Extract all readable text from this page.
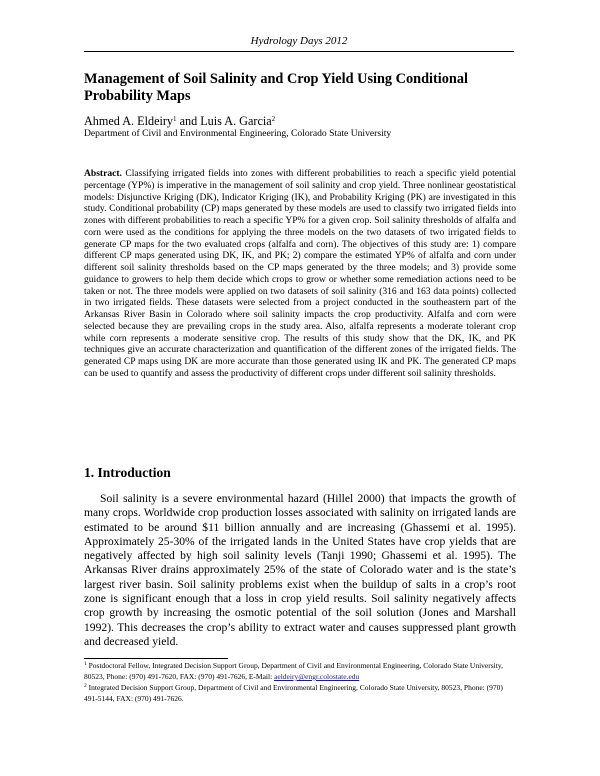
Hydrology Days 2012
Management of Soil Salinity and Crop Yield Using Conditional Probability Maps
Ahmed A. Eldeiry$^1$ and Luis A. Garcia$^2$
Department of Civil and Environmental Engineering, Colorado State University

Abstract. Classifying irrigated fields into zones with different probabilities to reach a specific yield potential percentage (YP%) is imperative in the management of soil salinity and crop yield. Three nonlinear geostatistical models: Disjunctive Kriging (DK), Indicator Kriging (IK), and Probability Kriging (PK) are investigated in this study. Conditional probability (CP) maps generated by these models are used to classify two irrigated fields into zones with different probabilities to reach a specific YP% for a given crop. Soil salinity thresholds of alfalfa and corn were used as the conditions for applying the three models on the two datasets of two irrigated fields to generate CP maps for the two evaluated crops (alfalfa and corn). The objectives of this study are: 1) compare different CP maps generated using DK, IK, and PK; 2) compare the estimated YP% of alfalfa and corn under different soil salinity thresholds based on the CP maps generated by the three models; and 3) provide some guidance to growers to help them decide which crops to grow or whether some remediation actions need to be taken or not. The three models were applied on two datasets of soil salinity (316 and 163 data points) collected in two irrigated fields. These datasets were selected from a project conducted in the southeastern part of the Arkansas River Basin in Colorado where soil salinity impacts the crop productivity. Alfalfa and corn were selected because they are prevailing crops in the study area. Also, alfalfa represents a moderate tolerant crop while corn represents a moderate sensitive crop. The results of this study show that the DK, IK, and PK techniques give an accurate characterization and quantification of the different zones of the irrigated fields. The generated CP maps using DK are more accurate than those generated using IK and PK. The generated CP maps can be used to quantify and assess the productivity of different crops under different soil salinity thresholds.

1. Introduction

Soil salinity is a severe environmental hazard (Hillel 2000) that impacts the growth of many crops. Worldwide crop production losses associated with salinity on irrigated lands are estimated to be around $11 billion annually and are increasing (Ghassemi et al. 1995). Approximately 25-30% of the irrigated lands in the United States have crop yields that are negatively affected by high soil salinity levels (Tanji 1990; Ghassemi et al. 1995). The Arkansas River drains approximately 25% of the state of Colorado water and is the state’s largest river basin. Soil salinity problems exist when the buildup of salts in a crop’s root zone is significant enough that a loss in crop yield results. Soil salinity negatively affects crop growth by increasing the osmotic potential of the soil solution (Jones and Marshall 1992). This decreases the crop’s ability to extract water and causes suppressed plant growth and decreased yield.

$^1$ Postdoctoral Fellow, Integrated Decision Support Group, Department of Civil and Environmental Engineering, Colorado State University, 80523, Phone: (970) 491-7620, FAX: (970) 491-7626, E-Mail: aeldeiry@engr.colostate.edu

$^2$ Integrated Decision Support Group, Department of Civil and Environmental Engineering, Colorado State University, 80523, Phone: (970) 491-5144, FAX: (970) 491-7626.
